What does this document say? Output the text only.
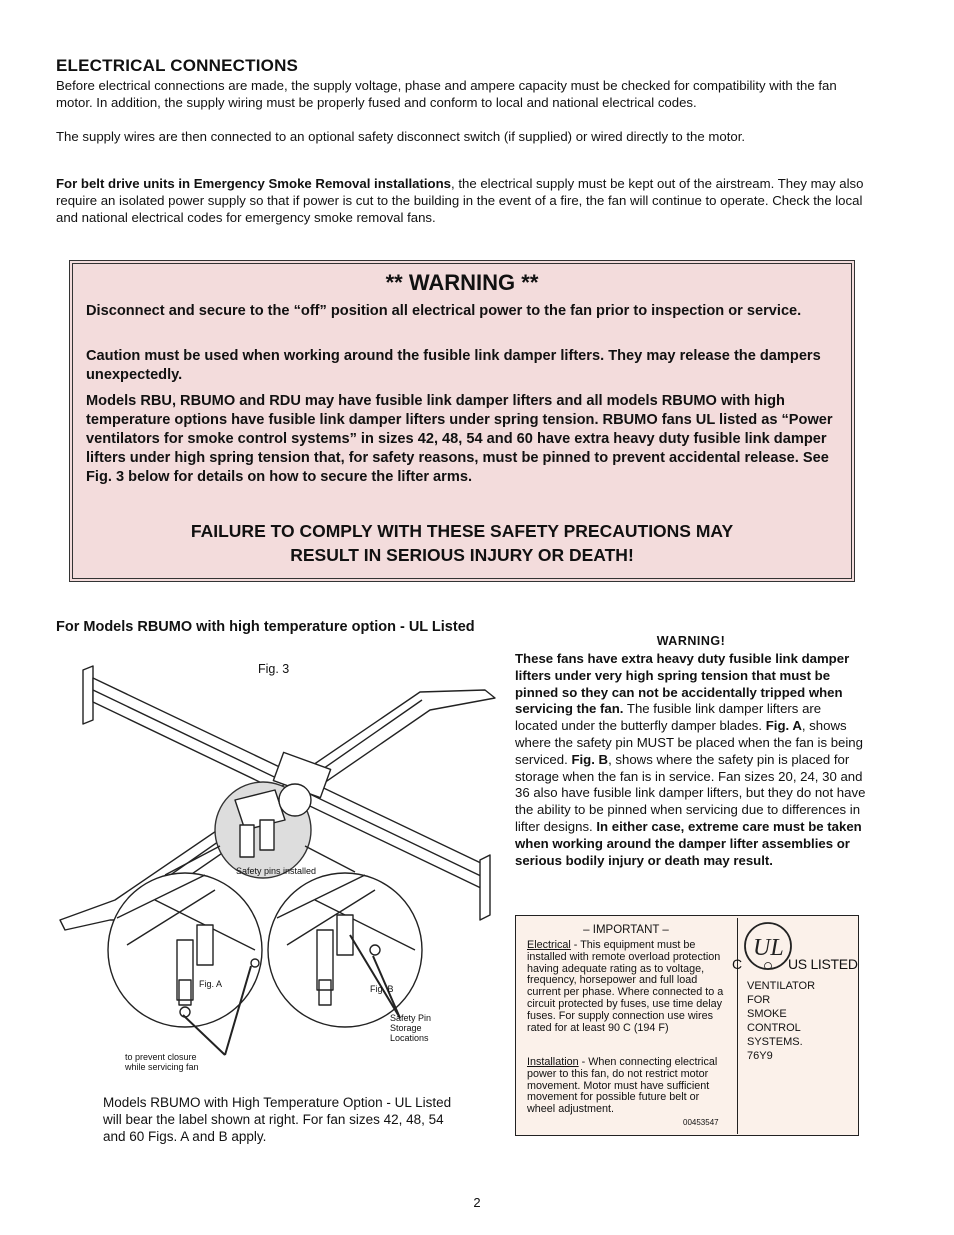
ELECTRICAL CONNECTIONS
Before electrical connections are made, the supply voltage, phase and ampere capacity must be checked for compatibility with the fan motor. In addition, the supply wiring must be properly fused and conform to local and national electrical codes.
The supply wires are then connected to an optional safety disconnect switch (if supplied) or wired directly to the motor.
For belt drive units in Emergency Smoke Removal installations, the electrical supply must be kept out of the airstream. They may also require an isolated power supply so that if power is cut to the building in the event of a fire, the fan will continue to operate. Check the local and national electrical codes for emergency smoke removal fans.
** WARNING **
Disconnect and secure to the “off” position all electrical power to the fan prior to inspection or service.
Caution must be used when working around the fusible link damper lifters. They may release the dampers unexpectedly.
Models RBU, RBUMO and RDU may have fusible link damper lifters and all models RBUMO with high temperature options have fusible link damper lifters under spring tension. RBUMO fans UL listed as “Power ventilators for smoke control systems” in sizes 42, 48, 54 and 60 have extra heavy duty fusible link damper lifters under high spring tension that, for safety reasons, must be pinned to prevent accidental release. See Fig. 3 below for details on how to secure the lifter arms.
FAILURE TO COMPLY WITH THESE SAFETY PRECAUTIONS MAY
RESULT IN SERIOUS INJURY OR DEATH!
For Models RBUMO with high temperature option - UL Listed
Fig. 3
Safety pins installed
Fig. A	Fig. B
Safety Pin
Storage
Locations
to prevent closure
while servicing fan
Models RBUMO with High Temperature Option - UL Listed will bear the label shown at right. For fan sizes 42, 48, 54 and 60 Figs. A and B apply.
WARNING!
These fans have extra heavy duty fusible link damper lifters under very high spring tension that must be pinned so they can not be accidentally tripped when servicing the fan. The fusible link damper lifters are located under the butterfly damper blades. Fig. A, shows where the safety pin MUST be placed when the fan is being serviced. Fig. B, shows where the safety pin is placed for storage when the fan is in service. Fan sizes 20, 24, 30 and 36 also have fusible link damper lifters, but they do not have the ability to be pinned when servicing due to differences in lifter designs. In either case, extreme care must be taken when working around the damper lifter assemblies or serious bodily injury or death may result.
– IMPORTANT –
Electrical - This equipment must be installed with remote overload protection having adequate rating as to voltage, frequency, horsepower and full load current per phase. Where connected to a circuit protected by fuses, use time delay fuses. For supply connection use wires rated for at least 90 C (194 F)
Installation - When connecting electrical power to this fan, do not restrict motor movement. Motor must have sufficient movement for possible future belt or wheel adjustment.
00453547
UL
C	US LISTED
VENTILATOR
FOR
SMOKE
CONTROL
SYSTEMS.
76Y9
2
